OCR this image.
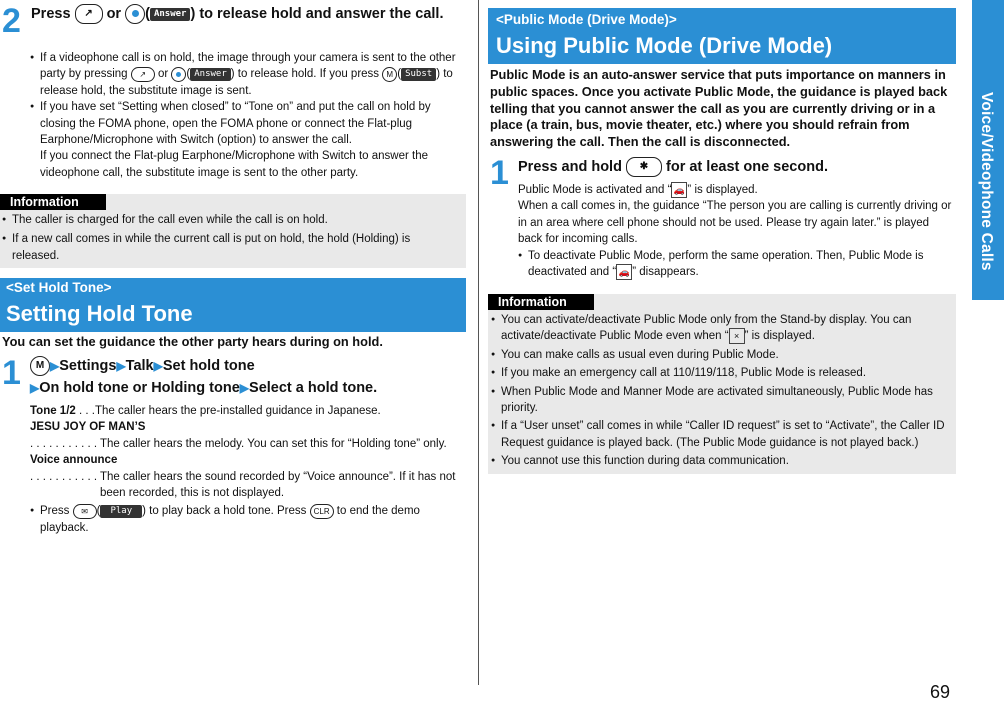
Voice/Videophone Calls
2 Press ↗ or ( Answer ) to release hold and answer the call.
● If a videophone call is on hold, the image through your camera is sent to the other party by pressing ↗ or ( Answer ) to release hold. If you press M ( Subst ) to release hold, the substitute image is sent.
● If you have set “Setting when closed” to “Tone on” and put the call on hold by closing the FOMA phone, open the FOMA phone or connect the Flat-plug Earphone/Microphone with Switch (option) to answer the call.
If you connect the Flat-plug Earphone/Microphone with Switch to answer the videophone call, the substitute image is sent to the other party.
Information
● The caller is charged for the call even while the call is on hold.
● If a new call comes in while the current call is put on hold, the hold (Holding) is released.
<Set Hold Tone>
Setting Hold Tone
You can set the guidance the other party hears during on hold.
1	M ▶Settings▶Talk▶Set hold tone
▶On hold tone or Holding tone▶Select a hold tone.
Tone 1/2 . . .The caller hears the pre-installed guidance in Japanese.
JESU JOY OF MAN’S
. . . . . . . . . . . The caller hears the melody. You can set this for “Holding tone” only.
Voice announce
. . . . . . . . . . . The caller hears the sound recorded by “Voice announce”. If it has not been recorded, this is not displayed.
● Press ✉ ( Play ) to play back a hold tone. Press CLR to end the demo playback.
<Public Mode (Drive Mode)>
Using Public Mode (Drive Mode)
Public Mode is an auto-answer service that puts importance on manners in public spaces. Once you activate Public Mode, the guidance is played back telling that you cannot answer the call as you are currently driving or in a place (a train, bus, movie theater, etc.) where you should refrain from answering the call. Then the call is disconnected.
1 Press and hold ✱ for at least one second.
Public Mode is activated and “ 🚗 ” is displayed.
When a call comes in, the guidance “The person you are calling is currently driving or in an area where cell phone should not be used. Please try again later.” is played back for incoming calls.
● To deactivate Public Mode, perform the same operation. Then, Public Mode is deactivated and “ 🚗 ” disappears.
Information
● You can activate/deactivate Public Mode only from the Stand-by display. You can activate/deactivate Public Mode even when “ × ” is displayed.
● You can make calls as usual even during Public Mode.
● If you make an emergency call at 110/119/118, Public Mode is released.
● When Public Mode and Manner Mode are activated simultaneously, Public Mode has priority.
● If a “User unset” call comes in while “Caller ID request” is set to “Activate”, the Caller ID Request guidance is played back. (The Public Mode guidance is not played back.)
● You cannot use this function during data communication.
69
